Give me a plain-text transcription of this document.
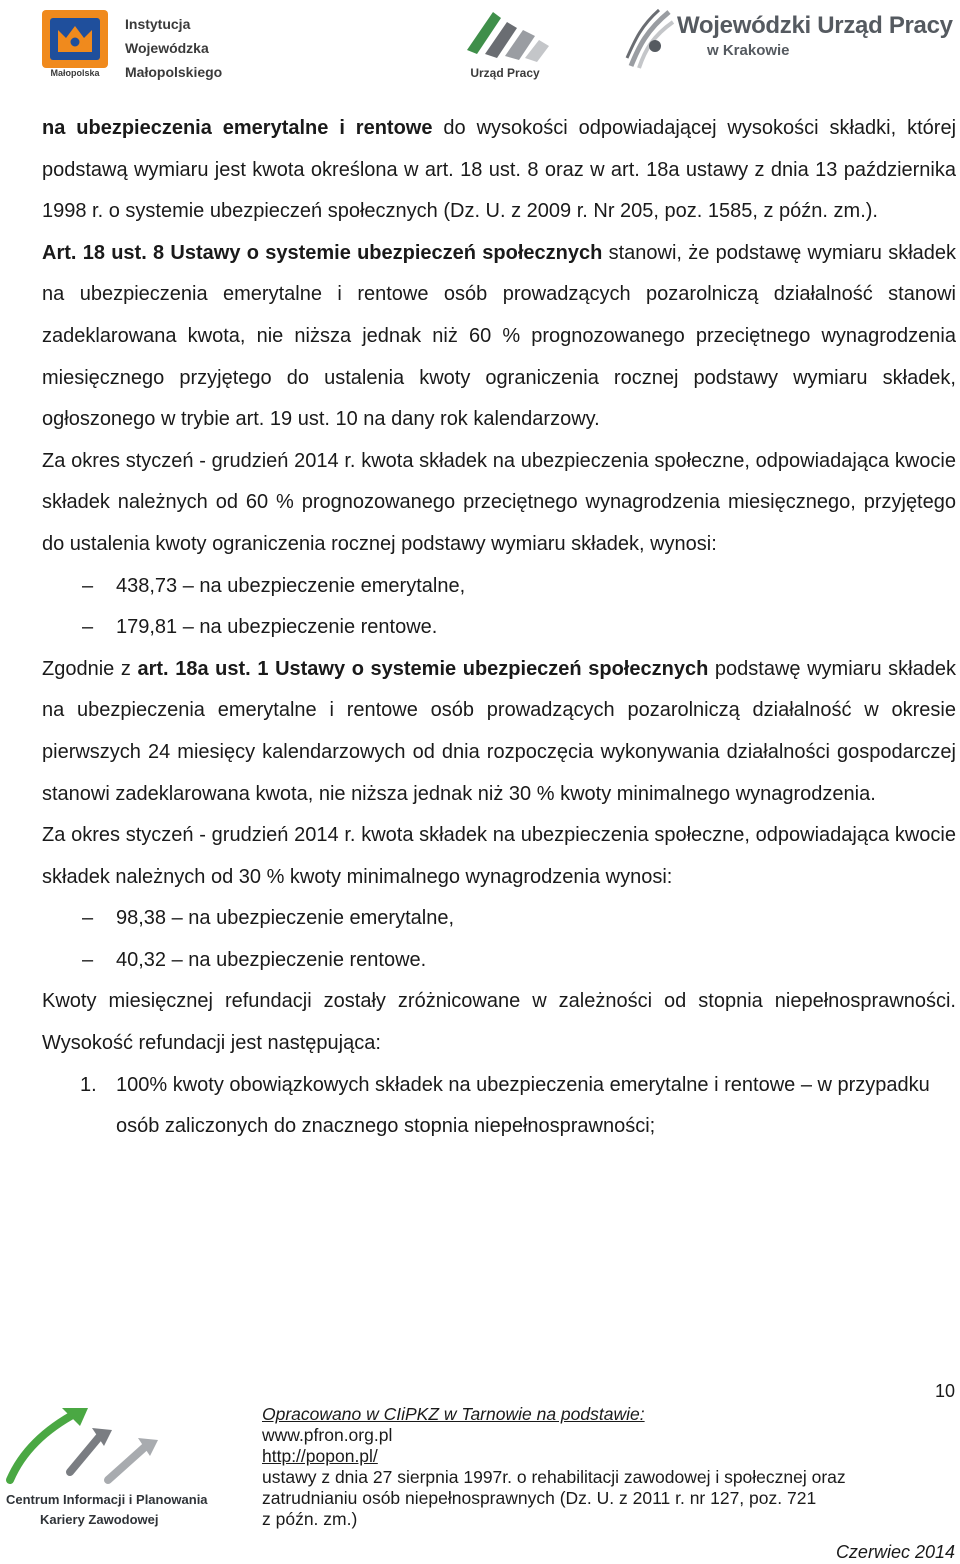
Małopolska
Instytucja
Wojewódzka
Małopolskiego	Urząd Pracy
Wojewódzki Urząd Pracy
w Krakowie

na ubezpieczenia emerytalne i rentowe do wysokości odpowiadającej wysokości składki, której podstawą wymiaru jest kwota określona w art. 18 ust. 8 oraz w art. 18a ustawy z dnia 13 października 1998 r. o systemie ubezpieczeń społecznych (Dz. U. z 2009 r. Nr 205, poz. 1585, z późn. zm.).

Art. 18 ust. 8 Ustawy o systemie ubezpieczeń społecznych stanowi, że podstawę wymiaru składek na ubezpieczenia emerytalne i rentowe osób prowadzących pozarolniczą działalność stanowi zadeklarowana kwota, nie niższa jednak niż 60 % prognozowanego przeciętnego wynagrodzenia miesięcznego przyjętego do ustalenia kwoty ograniczenia rocznej podstawy wymiaru składek, ogłoszonego w trybie art. 19 ust. 10 na dany rok kalendarzowy.

Za okres styczeń - grudzień 2014 r. kwota składek na ubezpieczenia społeczne, odpowiadająca kwocie składek należnych od 60 % prognozowanego przeciętnego wynagrodzenia miesięcznego, przyjętego do ustalenia kwoty ograniczenia rocznej podstawy wymiaru składek, wynosi:

– 438,73 – na ubezpieczenie emerytalne,

– 179,81 – na ubezpieczenie rentowe.

Zgodnie z art. 18a ust. 1 Ustawy o systemie ubezpieczeń społecznych podstawę wymiaru składek na ubezpieczenia emerytalne i rentowe osób prowadzących pozarolniczą działalność w okresie pierwszych 24 miesięcy kalendarzowych od dnia rozpoczęcia wykonywania działalności gospodarczej stanowi zadeklarowana kwota, nie niższa jednak niż 30 % kwoty minimalnego wynagrodzenia.

Za okres styczeń - grudzień 2014 r. kwota składek na ubezpieczenia społeczne, odpowiadająca kwocie składek należnych od 30 % kwoty minimalnego wynagrodzenia wynosi:

– 98,38 – na ubezpieczenie emerytalne,

– 40,32 – na ubezpieczenie rentowe.

Kwoty miesięcznej refundacji zostały zróżnicowane w zależności od stopnia niepełnosprawności. Wysokość refundacji jest następująca:

1. 100% kwoty obowiązkowych składek na ubezpieczenia emerytalne i rentowe – w przypadku osób zaliczonych do znacznego stopnia niepełnosprawności;

10
Centrum Informacji i Planowania
Kariery Zawodowej
Opracowano w CIiPKZ w Tarnowie na podstawie:
www.pfron.org.pl
http://popon.pl/
ustawy z dnia 27 sierpnia 1997r. o rehabilitacji zawodowej i społecznej oraz
zatrudnianiu osób niepełnosprawnych (Dz. U. z 2011 r. nr 127, poz. 721
z późn. zm.)
Czerwiec 2014
